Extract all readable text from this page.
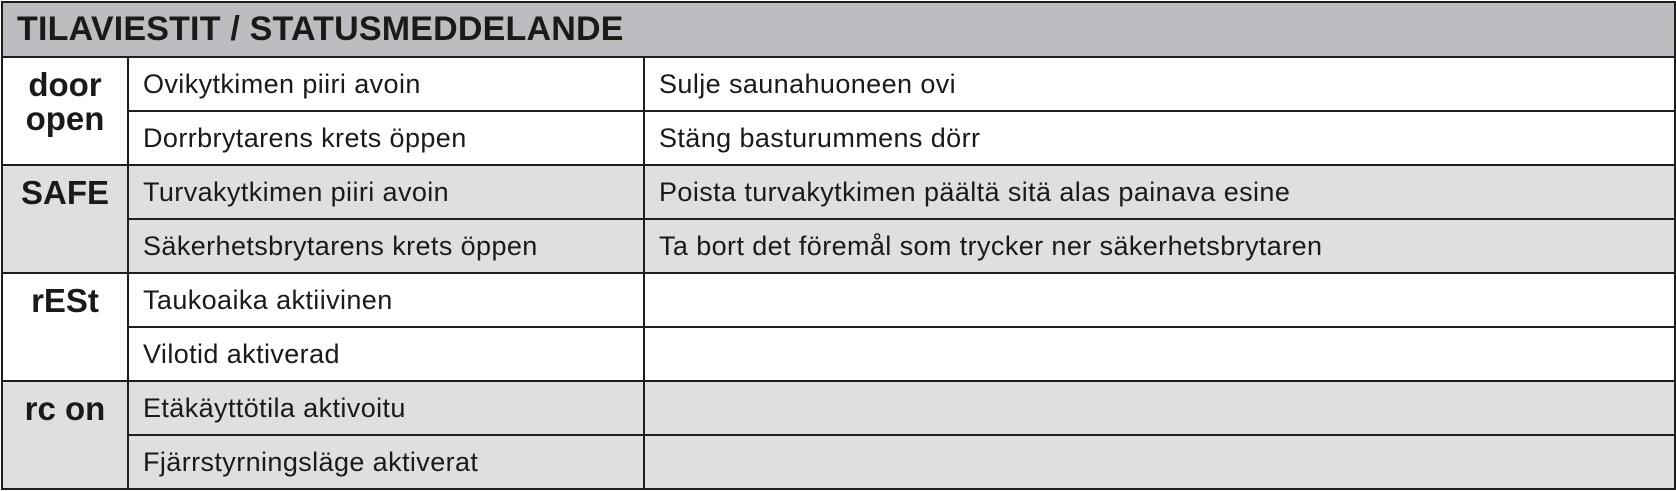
TILAVIESTIT / STATUSMEDDELANDE		

door
open	Ovikytkimen piiri avoin	Sulje saunahuoneen ovi
	Dorrbrytarens krets öppen	Stäng basturummens dörr

SAFE	Turvakytkimen piiri avoin	Poista turvakytkimen päältä sitä alas painava esine
	Säkerhetsbrytarens krets öppen	Ta bort det föremål som trycker ner säkerhetsbrytaren

rESt	Taukoaika aktiivinen	
	Vilotid aktiverad	

rc on	Etäkäyttötila aktivoitu	
	Fjärrstyrningsläge aktiverat	
